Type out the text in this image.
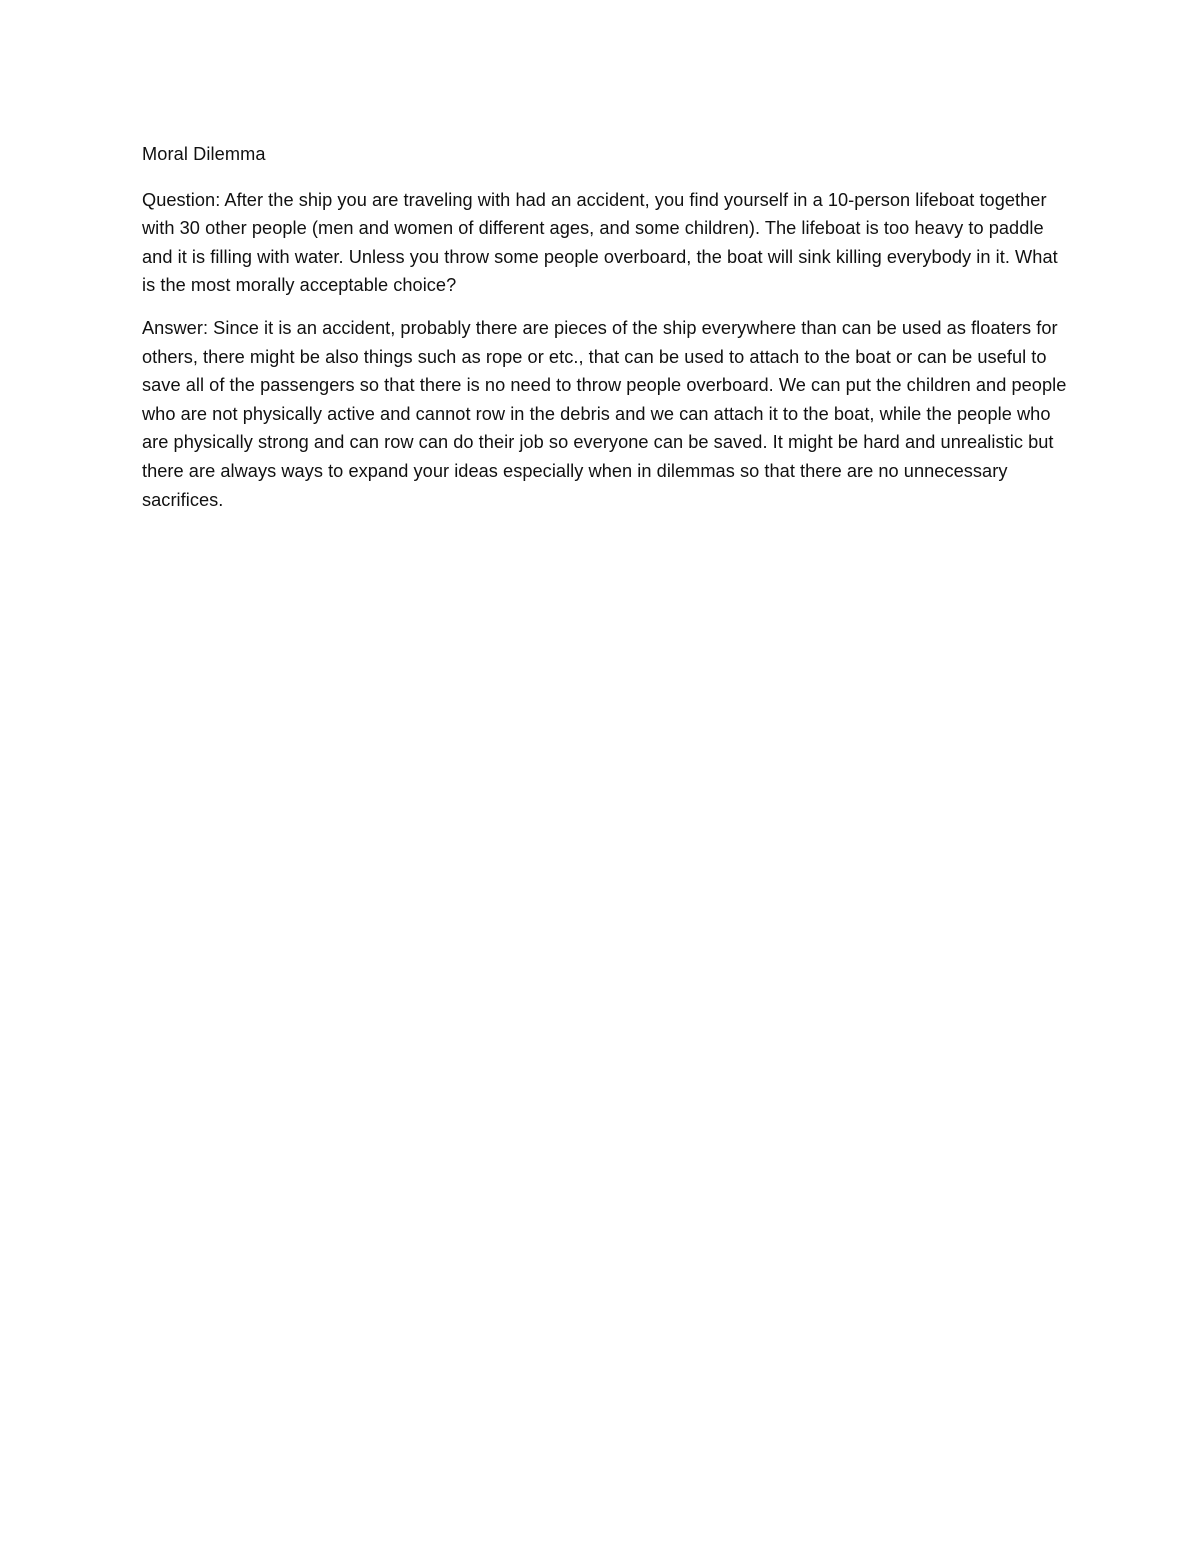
Moral Dilemma

Question: After the ship you are traveling with had an accident, you find yourself in a 10-person lifeboat together with 30 other people (men and women of different ages, and some children). The lifeboat is too heavy to paddle and it is filling with water. Unless you throw some people overboard, the boat will sink killing everybody in it. What is the most morally acceptable choice?

Answer: Since it is an accident, probably there are pieces of the ship everywhere than can be used as floaters for others, there might be also things such as rope or etc., that can be used to attach to the boat or can be useful to save all of the passengers so that there is no need to throw people overboard. We can put the children and people who are not physically active and cannot row in the debris and we can attach it to the boat, while the people who are physically strong and can row can do their job so everyone can be saved. It might be hard and unrealistic but there are always ways to expand your ideas especially when in dilemmas so that there are no unnecessary sacrifices.
